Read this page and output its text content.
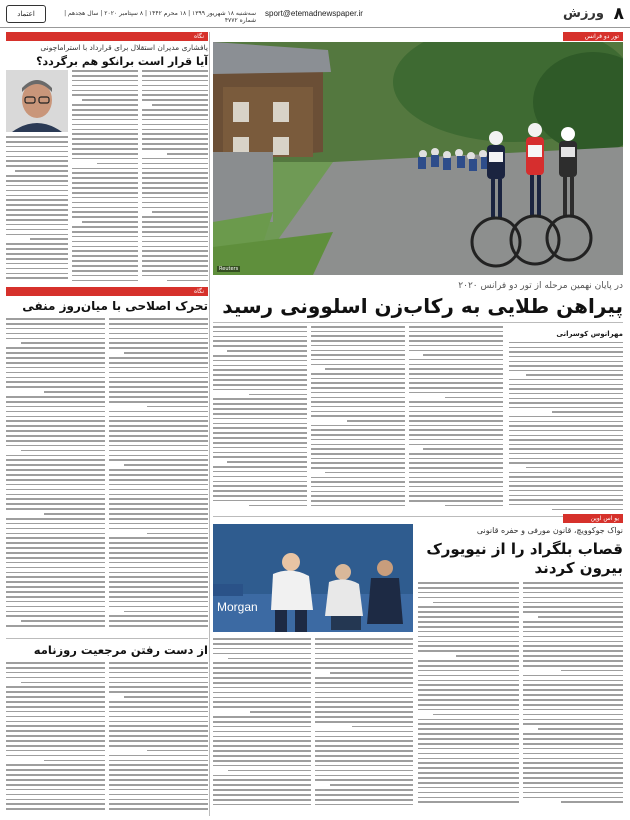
۸
ورزش
sport@etemadnewspaper.ir
سه‌شنبه ۱۸ شهریور ۱۳۹۹ | ۱۸ محرم ۱۴۴۲ | ۸ سپتامبر ۲۰۲۰ | سال هجدهم | شماره ۴۷۷۲
اعتماد
تور دو فرانس
نگاه
Reuters
در پایان نهمین مرحله از تور دو فرانس ۲۰۲۰
پیراهن طلایی به رکاب‌زن اسلوونی رسید
مهرانوس کوسرانی
یافشاری مدیران استقلال برای قرارداد با استراماچونی
آیا قرار است برانکو هم برگردد؟
نگاه
تحرک اصلاحی با میان‌روز منفی
از دست رفتن مرجعیت روزنامه
یو اس اوپن
نواک جوکوویچ، قانون مورفی و حفره قانونی
قصاب بلگراد را از نیویورک بیرون کردند
Morgan
